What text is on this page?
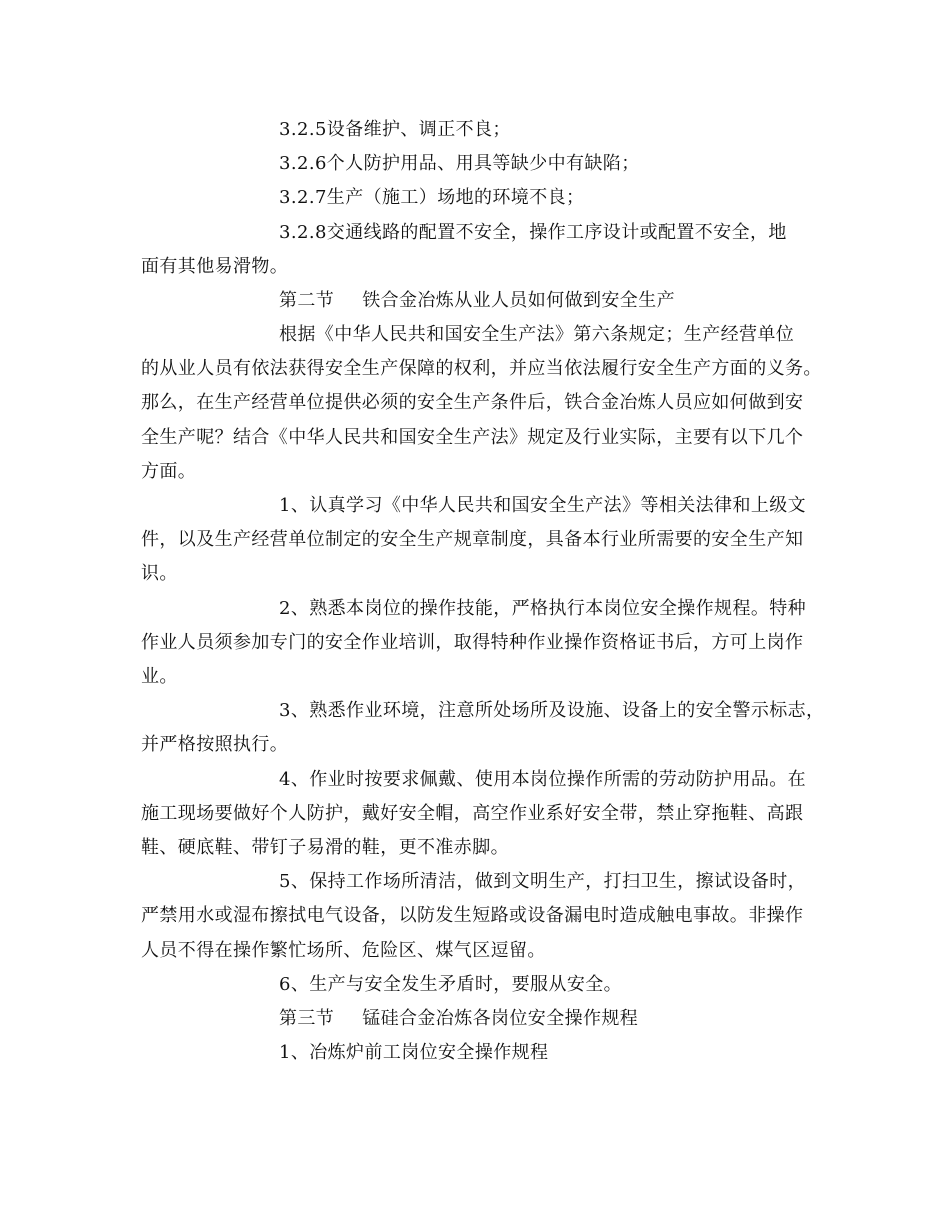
3.2.5设备维护、调正不良；
3.2.6个人防护用品、用具等缺少中有缺陷；
3.2.7生产（施工）场地的环境不良；
3.2.8交通线路的配置不安全，操作工序设计或配置不安全，地
面有其他易滑物。
第二节 铁合金冶炼从业人员如何做到安全生产
根据《中华人民共和国安全生产法》第六条规定；生产经营单位
的从业人员有依法获得安全生产保障的权利，并应当依法履行安全生产方面的义务。
那么，在生产经营单位提供必须的安全生产条件后，铁合金冶炼人员应如何做到安
全生产呢？结合《中华人民共和国安全生产法》规定及行业实际，主要有以下几个
方面。
1、认真学习《中华人民共和国安全生产法》等相关法律和上级文
件，以及生产经营单位制定的安全生产规章制度，具备本行业所需要的安全生产知
识。
2、熟悉本岗位的操作技能，严格执行本岗位安全操作规程。特种
作业人员须参加专门的安全作业培训，取得特种作业操作资格证书后，方可上岗作
业。
3、熟悉作业环境，注意所处场所及设施、设备上的安全警示标志，
并严格按照执行。
4、作业时按要求佩戴、使用本岗位操作所需的劳动防护用品。在
施工现场要做好个人防护，戴好安全帽，高空作业系好安全带，禁止穿拖鞋、高跟
鞋、硬底鞋、带钉子易滑的鞋，更不准赤脚。
5、保持工作场所清洁，做到文明生产，打扫卫生，擦试设备时，
严禁用水或湿布擦拭电气设备，以防发生短路或设备漏电时造成触电事故。非操作
人员不得在操作繁忙场所、危险区、煤气区逗留。
6、生产与安全发生矛盾时，要服从安全。
第三节 锰硅合金冶炼各岗位安全操作规程
1、冶炼炉前工岗位安全操作规程
